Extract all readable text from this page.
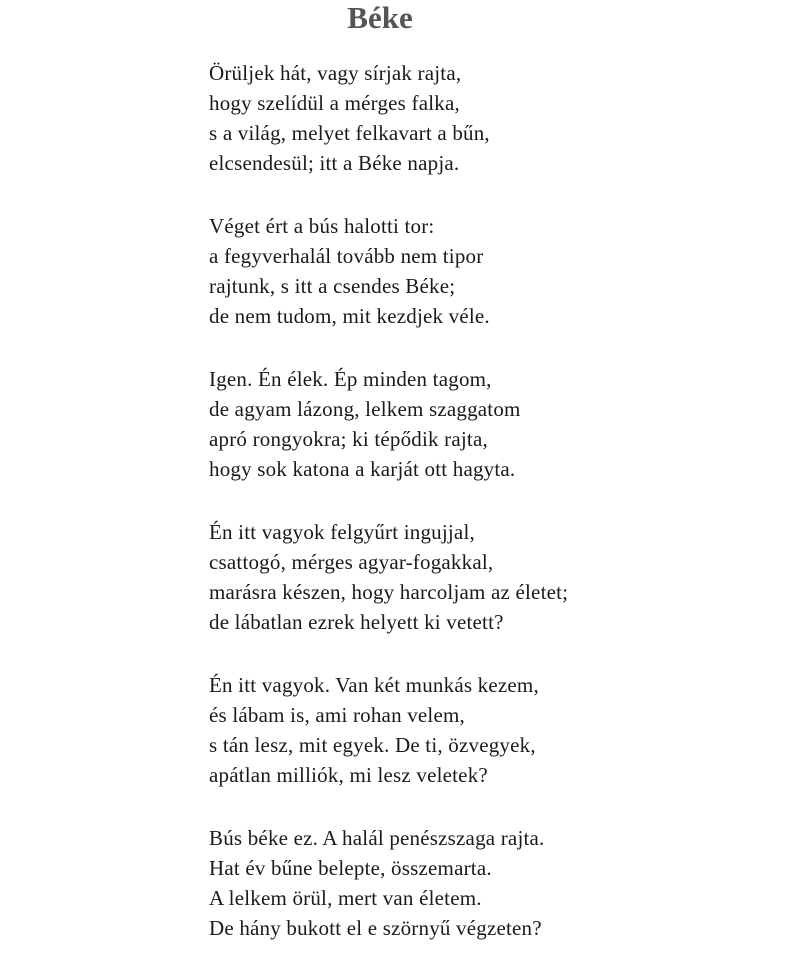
Béke
Örüljek hát, vagy sírjak rajta,
hogy szelídül a mérges falka,
s a világ, melyet felkavart a bűn,
elcsendesül; itt a Béke napja.
Véget ért a bús halotti tor:
a fegyverhalál tovább nem tipor
rajtunk, s itt a csendes Béke;
de nem tudom, mit kezdjek véle.
Igen. Én élek. Ép minden tagom,
de agyam lázong, lelkem szaggatom
apró rongyokra; ki tépődik rajta,
hogy sok katona a karját ott hagyta.
Én itt vagyok felgyűrt ingujjal,
csattogó, mérges agyar-fogakkal,
marásra készen, hogy harcoljam az életet;
de lábatlan ezrek helyett ki vetett?
Én itt vagyok. Van két munkás kezem,
és lábam is, ami rohan velem,
s tán lesz, mit egyek. De ti, özvegyek,
apátlan milliók, mi lesz veletek?
Bús béke ez. A halál penészszaga rajta.
Hat év bűne belepte, összemarta.
A lelkem örül, mert van életem.
De hány bukott el e szörnyű végzeten?
